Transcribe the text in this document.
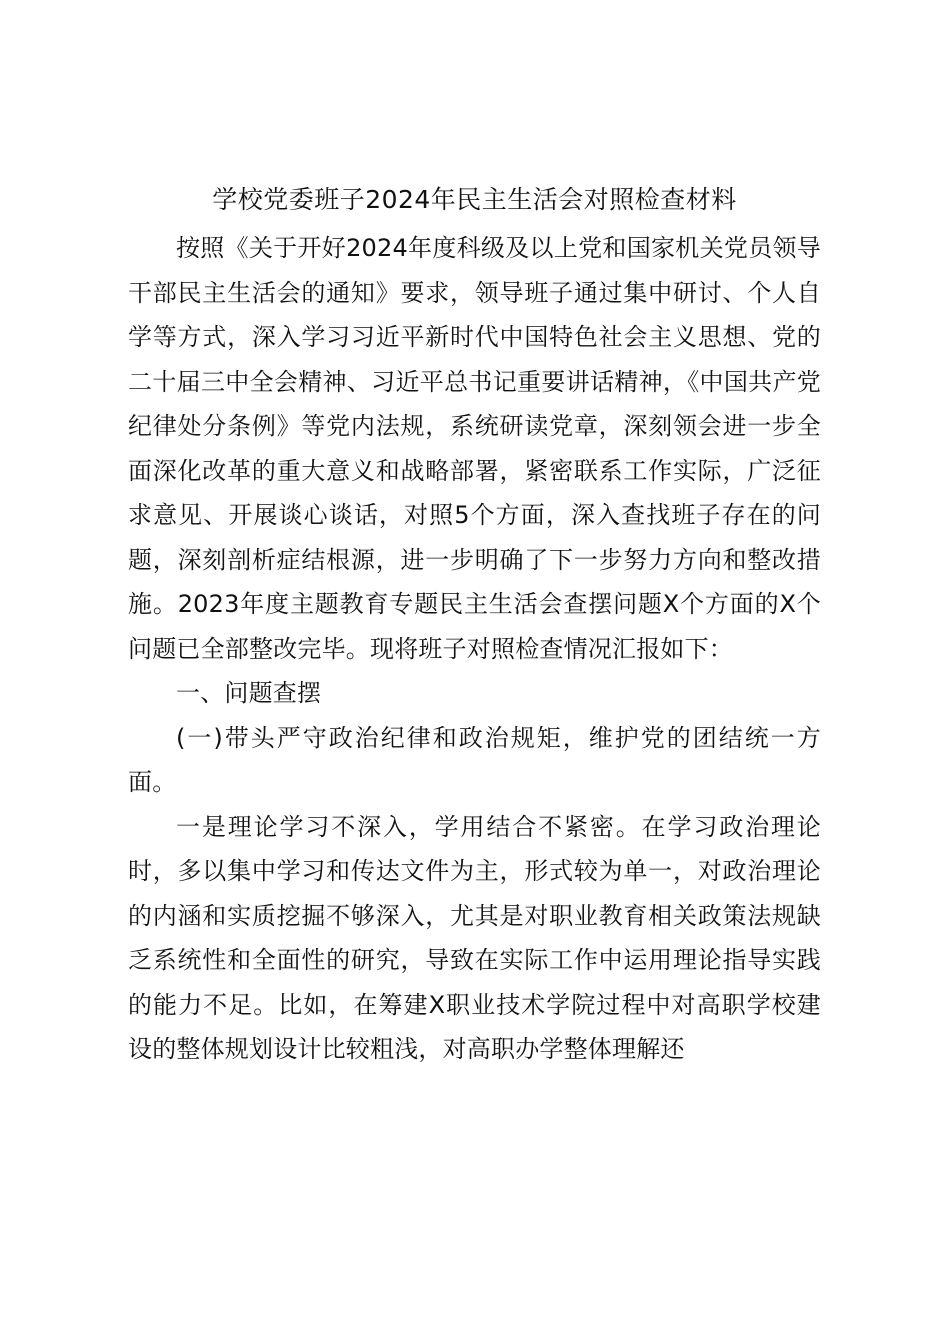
学校党委班子2024年民主生活会对照检查材料

按照《关于开好2024年度科级及以上党和国家机关党员领导干部民主生活会的通知》要求，领导班子通过集中研讨、个人自学等方式，深入学习习近平新时代中国特色社会主义思想、党的二十届三中全会精神、习近平总书记重要讲话精神，《中国共产党纪律处分条例》等党内法规，系统研读党章，深刻领会进一步全面深化改革的重大意义和战略部署，紧密联系工作实际，广泛征求意见、开展谈心谈话，对照5个方面，深入查找班子存在的问题，深刻剖析症结根源，进一步明确了下一步努力方向和整改措施。2023年度主题教育专题民主生活会查摆问题X个方面的X个问题已全部整改完毕。现将班子对照检查情况汇报如下：

一、问题查摆

(一)带头严守政治纪律和政治规矩，维护党的团结统一方面。

一是理论学习不深入，学用结合不紧密。在学习政治理论时，多以集中学习和传达文件为主，形式较为单一，对政治理论的内涵和实质挖掘不够深入，尤其是对职业教育相关政策法规缺乏系统性和全面性的研究，导致在实际工作中运用理论指导实践的能力不足。比如，在筹建X职业技术学院过程中对高职学校建设的整体规划设计比较粗浅，对高职办学整体理解还
